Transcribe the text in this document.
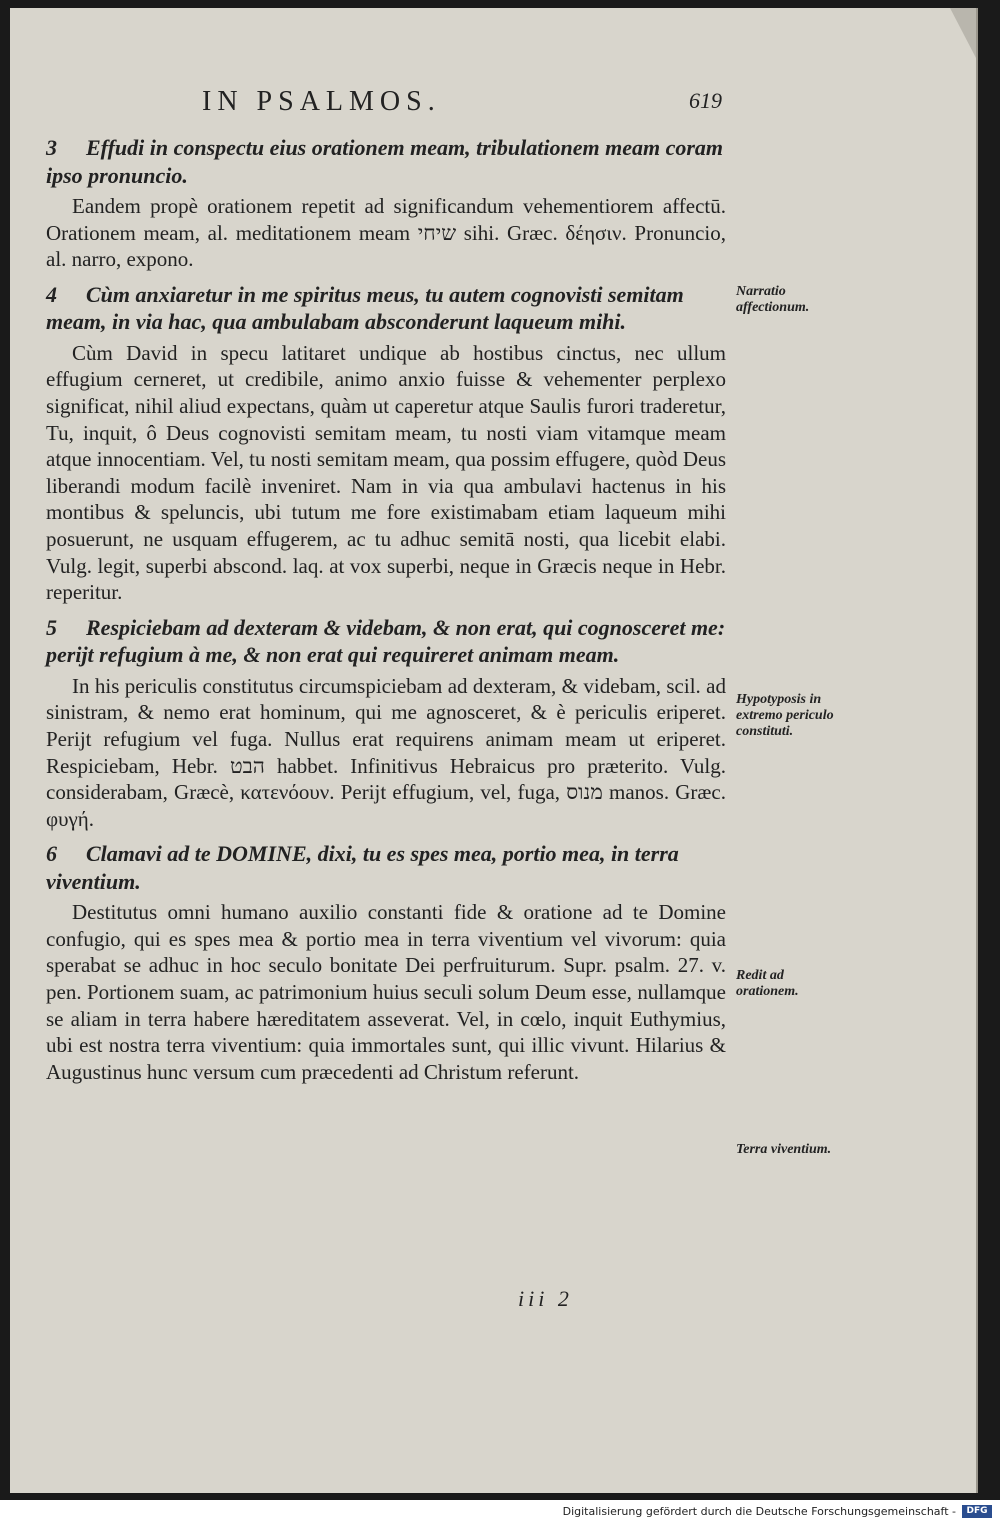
IN PSALMOS.	619
3 Effudi in conspectu eius orationem meam, tribulationem meam coram ipso pronuncio.

Eandem propè orationem repetit ad significandum vehementiorem affectū. Orationem meam, al. meditationem meam שיחי sihi. Græc. δέησιν. Pronuncio, al. narro, expono.

4 Cùm anxiaretur in me spiritus meus, tu autem cognovisti semitam meam, in via hac, qua ambulabam absconderunt laqueum mihi.

Cùm David in specu latitaret undique ab hostibus cinctus, nec ullum effugium cerneret, ut credibile, animo anxio fuisse & vehementer perplexo significat, nihil aliud expectans, quàm ut caperetur atque Saulis furori traderetur, Tu, inquit, ô Deus cognovisti semitam meam, tu nosti viam vitamque meam atque innocentiam. Vel, tu nosti semitam meam, qua possim effugere, quòd Deus liberandi modum facilè inveniret. Nam in via qua ambulavi hactenus in his montibus & speluncis, ubi tutum me fore existimabam etiam laqueum mihi posuerunt, ne usquam effugerem, ac tu adhuc semitā nosti, qua licebit elabi. Vulg. legit, superbi abscond. laq. at vox superbi, neque in Græcis neque in Hebr. reperitur.

5 Respiciebam ad dexteram & videbam, & non erat, qui cognosceret me: perijt refugium à me, & non erat qui requireret animam meam.

In his periculis constitutus circumspiciebam ad dexteram, & videbam, scil. ad sinistram, & nemo erat hominum, qui me agnosceret, & è periculis eriperet. Perijt refugium vel fuga. Nullus erat requirens animam meam ut eriperet. Respiciebam, Hebr. הבט habbet. Infinitivus Hebraicus pro præterito. Vulg. considerabam, Græcè, κατενόουν. Perijt effugium, vel, fuga, מנוס manos. Græc. φυγή.

6 Clamavi ad te DOMINE, dixi, tu es spes mea, portio mea, in terra viventium.

Destitutus omni humano auxilio constanti fide & oratione ad te Domine confugio, qui es spes mea & portio mea in terra viventium vel vivorum: quia sperabat se adhuc in hoc seculo bonitate Dei perfruiturum. Supr. psalm. 27. v. pen. Portionem suam, ac patrimonium huius seculi solum Deum esse, nullamque se aliam in terra habere hæreditatem asseverat. Vel, in cœlo, inquit Euthymius, ubi est nostra terra viventium: quia immortales sunt, qui illic vivunt. Hilarius & Augustinus hunc versum cum præcedenti ad Christum referunt.

Narratio affectionum.
Hypotyposis in extremo periculo constituti.
Redit ad orationem.
Terra viventium.
iii 2
Digitalisierung gefördert durch die Deutsche Forschungsgemeinschaft -	DFG
